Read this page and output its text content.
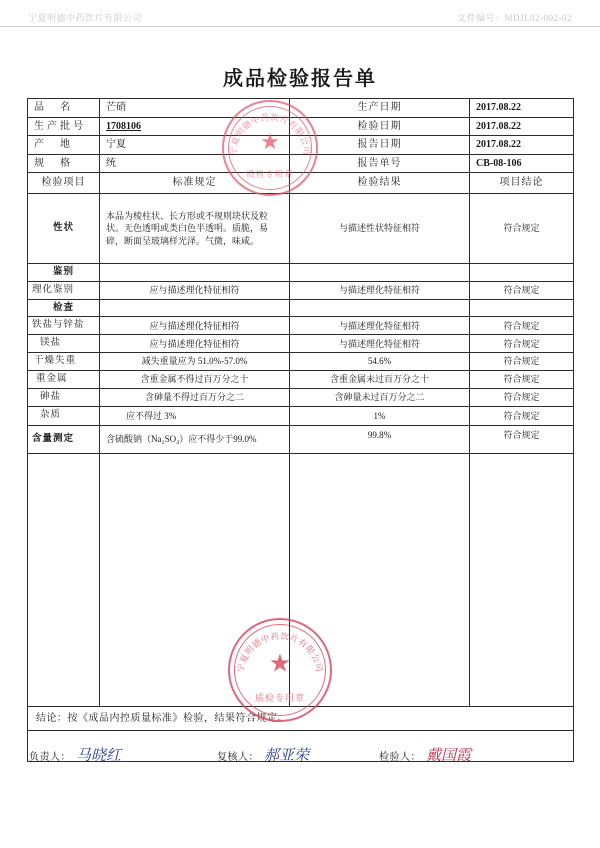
宁夏明德中药饮片有限公司	文件编号：MDJL02-002-02
成品检验报告单
品　名	芒硝	生产日期	2017.08.22
生产批号	1708106	检验日期	2017.08.22
产　地	宁夏	报告日期	2017.08.22
规　格	统	报告单号	CB-08-106
检验项目	标准规定	检验结果	项目结论
性状	本品为棱柱状、长方形或不规则块状及粒状。无色透明或类白色半透明。质脆，易碎，断面呈玻璃样光泽。气微，味咸。	与描述性状特征相符	符合规定
鉴别			
理化鉴别	应与描述理化特征相符	与描述理化特征相符	符合规定
检查			
铁盐与锌盐	应与描述理化特征相符	与描述理化特征相符	符合规定
镁盐	应与描述理化特征相符	与描述理化特征相符	符合规定
干燥失重	减失重量应为 51.0%-57.0%	54.6%	符合规定
重金属	含重金属不得过百万分之十	含重金属未过百万分之十	符合规定
砷盐	含砷量不得过百万分之二	含砷量未过百万分之二	符合规定
杂质	应不得过 3%	1%	符合规定
含量测定	含硫酸钠（Na₂SO₄）应不得少于99.0%	99.8%	符合规定

结论：按《成品内控质量标准》检验，结果符合规定。			

负责人： 马晓红	复核人： 郝亚荣	检验人： 戴国霞
宁夏明德中药饮片有限公司
★
质检专用章
宁夏明德中药饮片有限公司
★
质检专用章
